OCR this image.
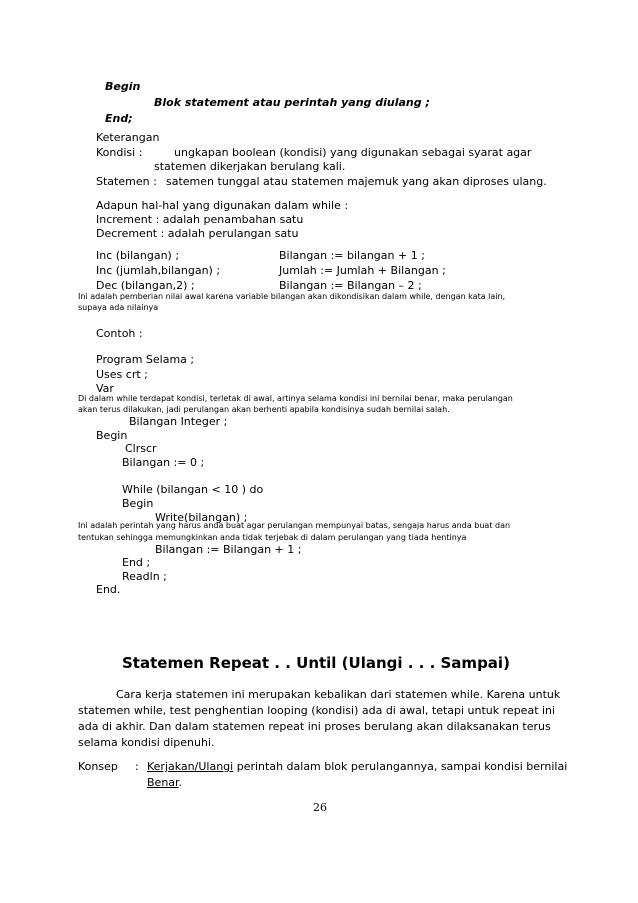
Begin
Blok statement atau perintah yang diulang ;
End;
Keterangan
Kondisi :	ungkapan boolean (kondisi) yang digunakan sebagai syarat agar
statemen dikerjakan berulang kali.
Statemen : satemen tunggal atau statemen majemuk yang akan diproses ulang.
Adapun hal-hal yang digunakan dalam while :
Increment : adalah penambahan satu
Decrement : adalah perulangan satu
Inc (bilangan) ;
Inc (jumlah,bilangan) ;
Dec (bilangan,2) ;
Bilangan := bilangan + 1 ;
Jumlah := Jumlah + Bilangan ;
Bilangan := Bilangan – 2 ;
Ini adalah pemberian nilai awal karena variable bilangan akan dikondisikan dalam while, dengan kata lain,
supaya ada nilainya
Contoh :
Program Selama ;
Uses crt ;
Var
Di dalam while terdapat kondisi, terletak di awal, artinya selama kondisi ini bernilai benar, maka perulangan
akan terus dilakukan, jadi perulangan akan berhenti apabila kondisinya sudah bernilai salah.
Bilangan Integer ;
Begin
Clrscr
Bilangan := 0 ;
While (bilangan < 10 ) do
Begin
Write(bilangan) ;
Ini adalah perintah yang harus anda buat agar perulangan mempunyai batas, sengaja harus anda buat dan
tentukan sehingga memungkinkan anda tidak terjebak di dalam perulangan yang tiada hentinya
Bilangan := Bilangan + 1 ;
End ;
Readln ;
End.
Statemen Repeat . . Until (Ulangi . . . Sampai)
Cara kerja statemen ini merupakan kebalikan dari statemen while. Karena untuk
statemen while, test penghentian looping (kondisi) ada di awal, tetapi untuk repeat ini
ada di akhir. Dan dalam statemen repeat ini proses berulang akan dilaksanakan terus
selama kondisi dipenuhi.
Konsep : Kerjakan/Ulangi perintah dalam blok perulangannya, sampai kondisi bernilai
Benar.
26
